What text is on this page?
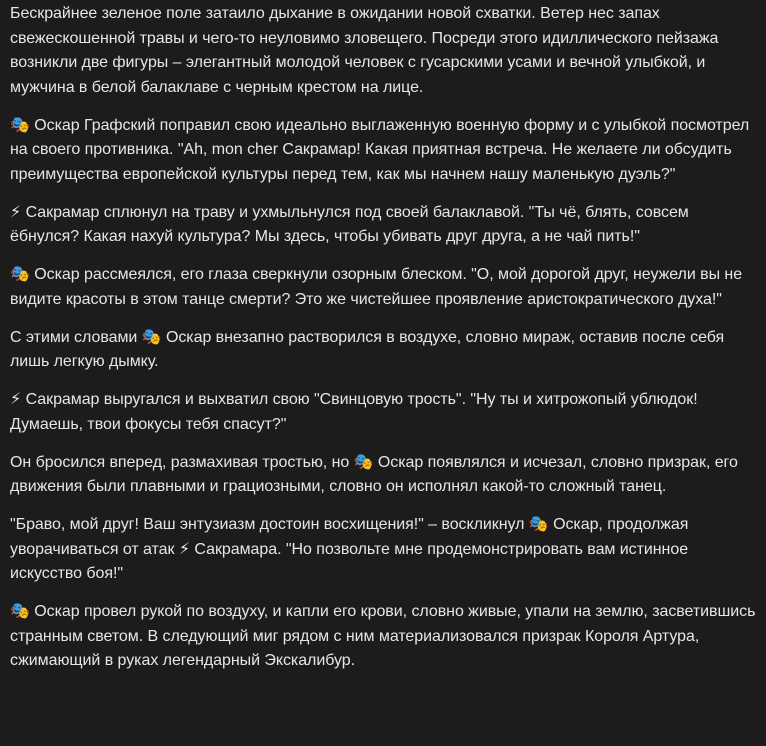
Бескрайнее зеленое поле затаило дыхание в ожидании новой схватки. Ветер нес запах свежескошенной травы и чего-то неуловимо зловещего. Посреди этого идиллического пейзажа возникли две фигуры – элегантный молодой человек с гусарскими усами и вечной улыбкой, и мужчина в белой балаклаве с черным крестом на лице.

🎭 Оскар Графский поправил свою идеально выглаженную военную форму и с улыбкой посмотрел на своего противника. "Ah, mon cher Сакрамар! Какая приятная встреча. Не желаете ли обсудить преимущества европейской культуры перед тем, как мы начнем нашу маленькую дуэль?"

⚡ Сакрамар сплюнул на траву и ухмыльнулся под своей балаклавой. "Ты чё, блять, совсем ёбнулся? Какая нахуй культура? Мы здесь, чтобы убивать друг друга, а не чай пить!"

🎭 Оскар рассмеялся, его глаза сверкнули озорным блеском. "О, мой дорогой друг, неужели вы не видите красоты в этом танце смерти? Это же чистейшее проявление аристократического духа!"

С этими словами 🎭 Оскар внезапно растворился в воздухе, словно мираж, оставив после себя лишь легкую дымку.

⚡ Сакрамар выругался и выхватил свою "Свинцовую трость". "Ну ты и хитрожопый ублюдок! Думаешь, твои фокусы тебя спасут?"

Он бросился вперед, размахивая тростью, но 🎭 Оскар появлялся и исчезал, словно призрак, его движения были плавными и грациозными, словно он исполнял какой-то сложный танец.

"Браво, мой друг! Ваш энтузиазм достоин восхищения!" – воскликнул 🎭 Оскар, продолжая уворачиваться от атак ⚡ Сакрамара. "Но позвольте мне продемонстрировать вам истинное искусство боя!"

🎭 Оскар провел рукой по воздуху, и капли его крови, словно живые, упали на землю, засветившись странным светом. В следующий миг рядом с ним материализовался призрак Короля Артура, сжимающий в руках легендарный Экскалибур.
